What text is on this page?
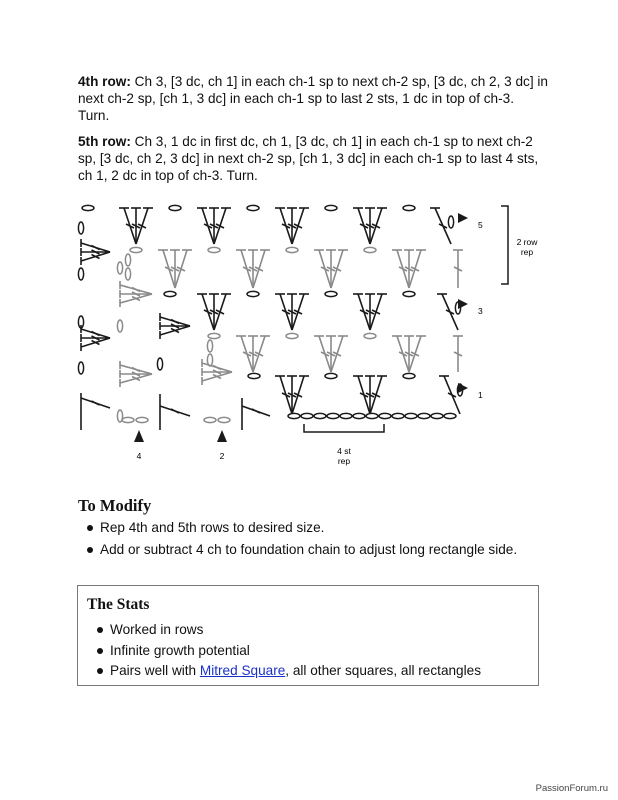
4th row: Ch 3, [3 dc, ch 1] in each ch-1 sp to next ch-2 sp, [3 dc, ch 2, 3 dc] in next ch-2 sp, [ch 1, 3 dc] in each ch-1 sp to last 2 sts, 1 dc in top of ch-3. Turn.
5th row: Ch 3, 1 dc in first dc, ch 1, [3 dc, ch 1] in each ch-1 sp to next ch-2 sp, [3 dc, ch 2, 3 dc] in next ch-2 sp, [ch 1, 3 dc] in each ch-1 sp to last 4 sts, ch 1, 2 dc in top of ch-3. Turn.
2 row
rep
4 st
rep
5
3
1
4	2
To Modify
Rep 4th and 5th rows to desired size.
Add or subtract 4 ch to foundation chain to adjust long rectangle side.
The Stats
Worked in rows
Infinite growth potential
Pairs well with Mitred Square, all other squares, all rectangles
PassionForum.ru
